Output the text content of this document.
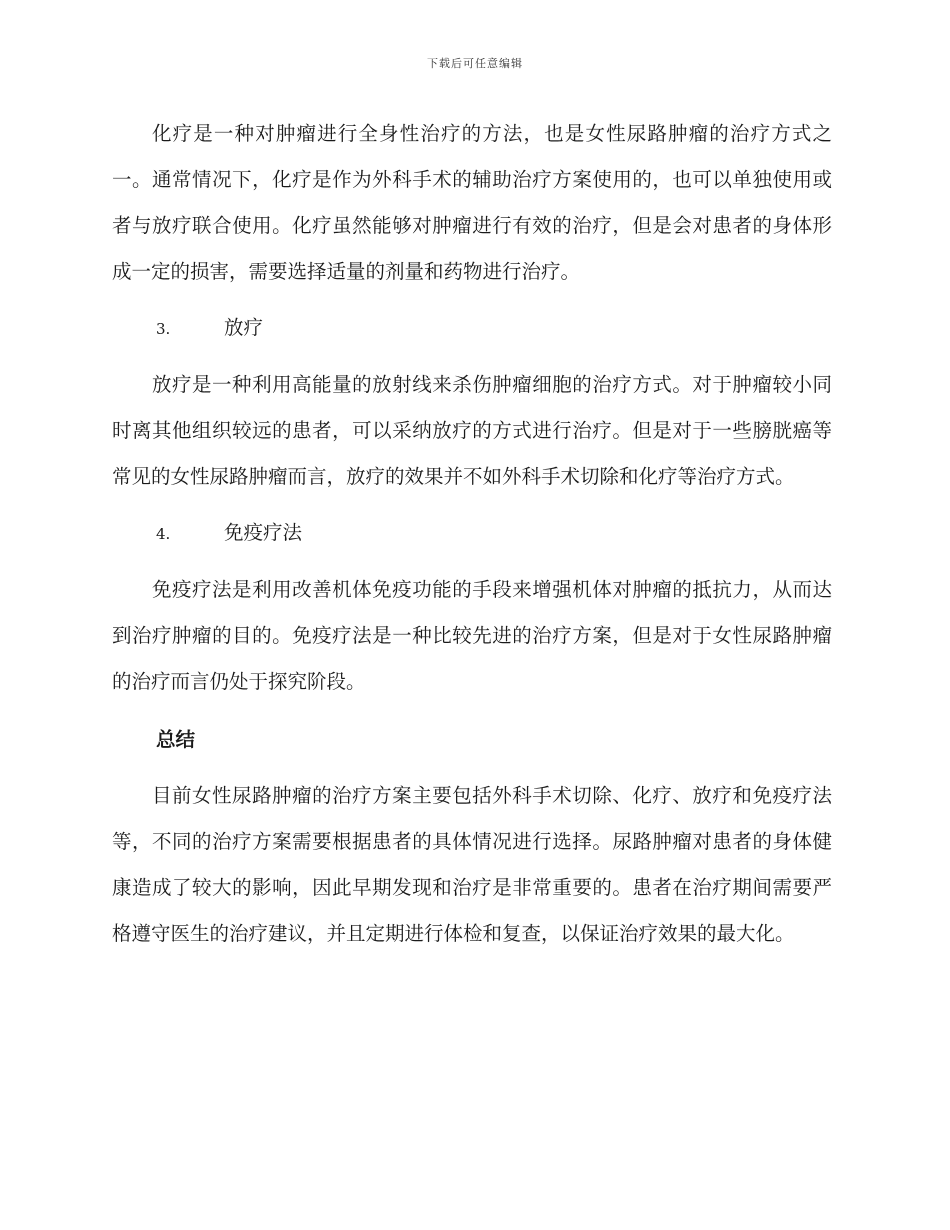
下载后可任意编辑

化疗是一种对肿瘤进行全身性治疗的方法，也是女性尿路肿瘤的治疗方式之一。通常情况下，化疗是作为外科手术的辅助治疗方案使用的，也可以单独使用或者与放疗联合使用。化疗虽然能够对肿瘤进行有效的治疗，但是会对患者的身体形成一定的损害，需要选择适量的剂量和药物进行治疗。

3.	放疗

放疗是一种利用高能量的放射线来杀伤肿瘤细胞的治疗方式。对于肿瘤较小同时离其他组织较远的患者，可以采纳放疗的方式进行治疗。但是对于一些膀胱癌等常见的女性尿路肿瘤而言，放疗的效果并不如外科手术切除和化疗等治疗方式。

4.	免疫疗法

免疫疗法是利用改善机体免疫功能的手段来增强机体对肿瘤的抵抗力，从而达到治疗肿瘤的目的。免疫疗法是一种比较先进的治疗方案，但是对于女性尿路肿瘤的治疗而言仍处于探究阶段。

总结

目前女性尿路肿瘤的治疗方案主要包括外科手术切除、化疗、放疗和免疫疗法等，不同的治疗方案需要根据患者的具体情况进行选择。尿路肿瘤对患者的身体健康造成了较大的影响，因此早期发现和治疗是非常重要的。患者在治疗期间需要严格遵守医生的治疗建议，并且定期进行体检和复查，以保证治疗效果的最大化。
